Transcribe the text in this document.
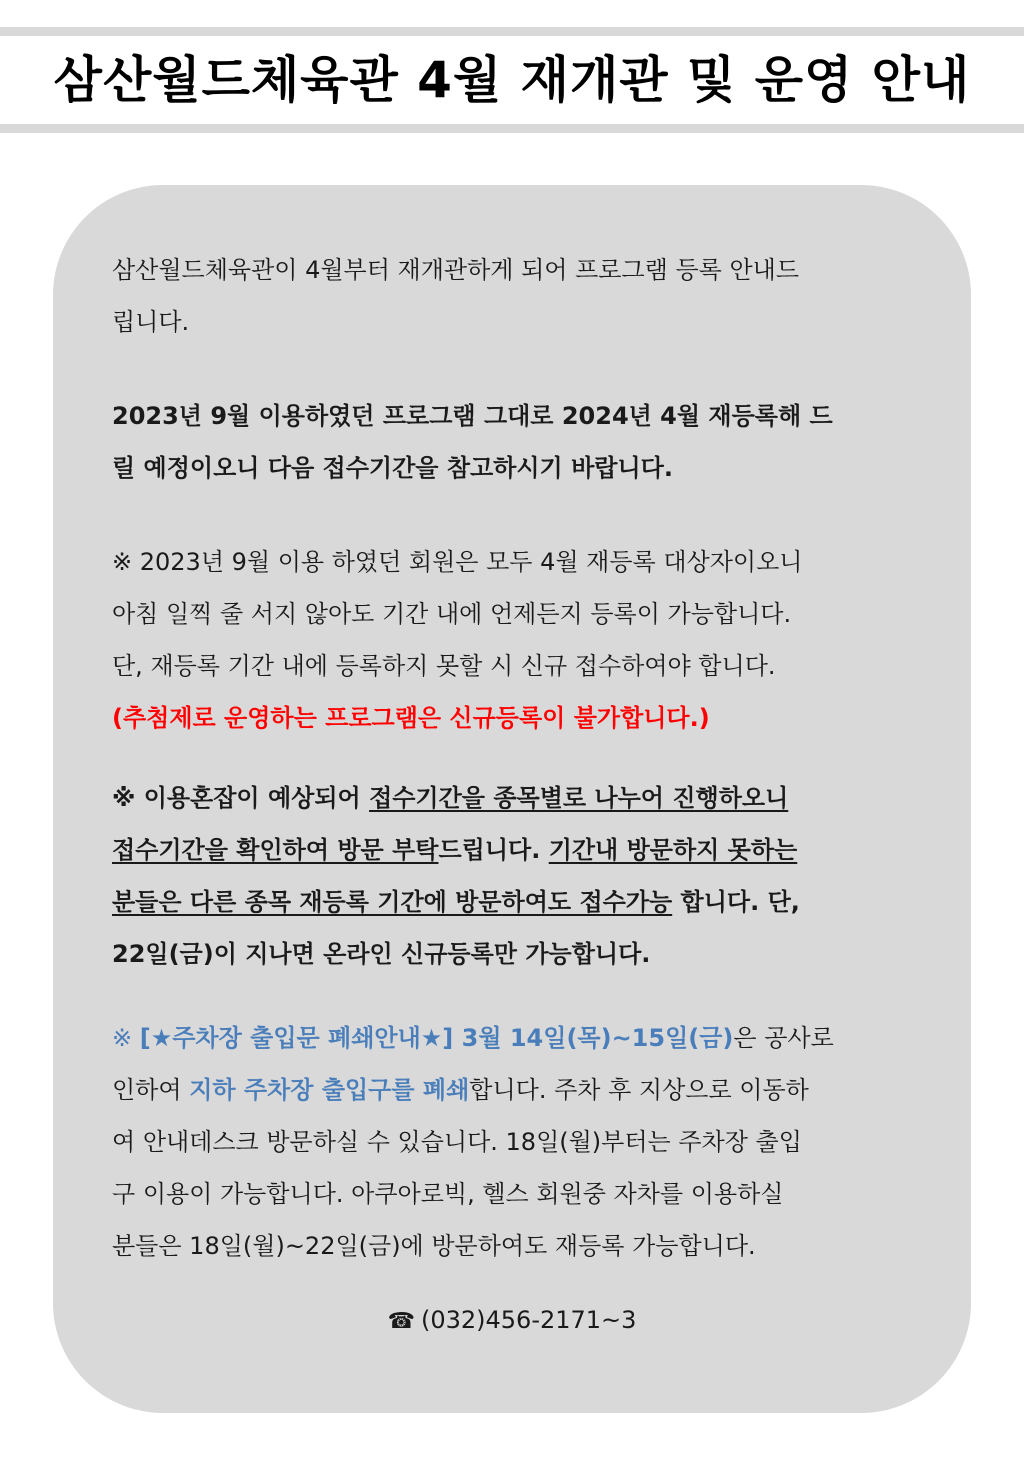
삼산월드체육관 4월 재개관 및 운영 안내
삼산월드체육관이 4월부터 재개관하게 되어 프로그램 등록 안내드
립니다.
2023년 9월 이용하였던 프로그램 그대로 2024년 4월 재등록해 드
릴 예정이오니 다음 접수기간을 참고하시기 바랍니다.
※ 2023년 9월 이용 하였던 회원은 모두 4월 재등록 대상자이오니
아침 일찍 줄 서지 않아도 기간 내에 언제든지 등록이 가능합니다.
단, 재등록 기간 내에 등록하지 못할 시 신규 접수하여야 합니다.
(추첨제로 운영하는 프로그램은 신규등록이 불가합니다.)
※ 이용혼잡이 예상되어 접수기간을 종목별로 나누어 진행하오니
접수기간을 확인하여 방문 부탁드립니다. 기간내 방문하지 못하는
분들은 다른 종목 재등록 기간에 방문하여도 접수가능 합니다. 단,
22일(금)이 지나면 온라인 신규등록만 가능합니다.
※ [★주차장 출입문 폐쇄안내★] 3월 14일(목)~15일(금)은 공사로
인하여 지하 주차장 출입구를 폐쇄합니다. 주차 후 지상으로 이동하
여 안내데스크 방문하실 수 있습니다. 18일(월)부터는 주차장 출입
구 이용이 가능합니다. 아쿠아로빅, 헬스 회원중 자차를 이용하실
분들은 18일(월)~22일(금)에 방문하여도 재등록 가능합니다.
☎ (032)456-2171~3
